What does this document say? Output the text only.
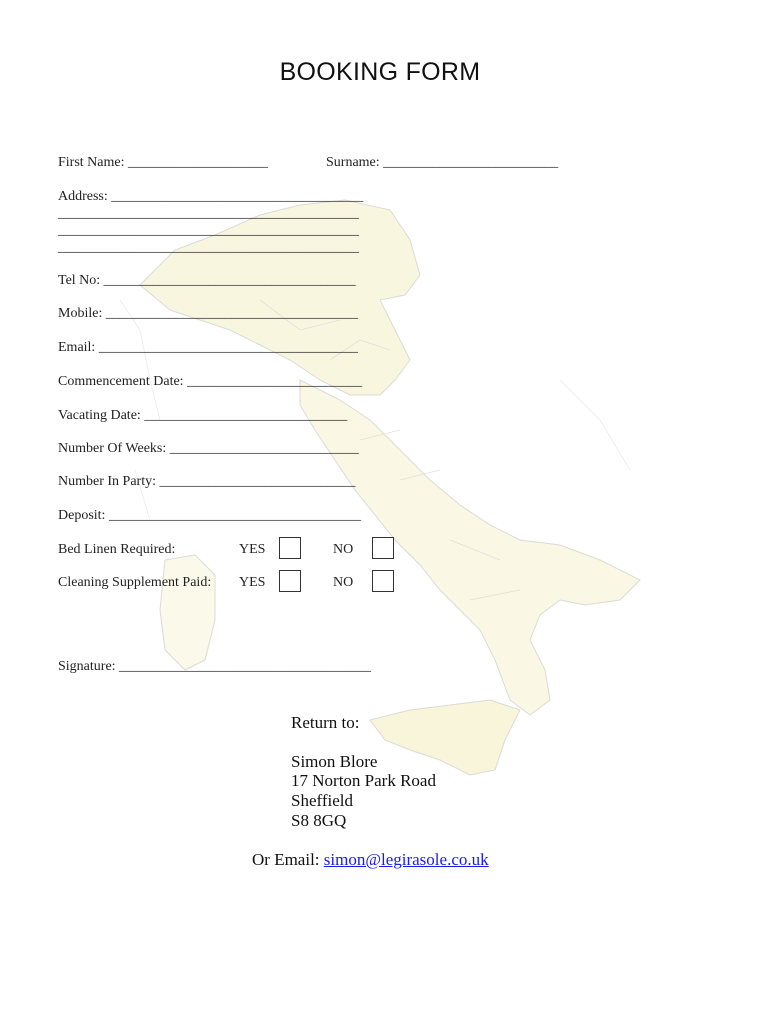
BOOKING FORM
First Name: ____________________	Surname: _________________________
Address: ____________________________________
___________________________________________
___________________________________________
___________________________________________
Tel No: ____________________________________
Mobile: ____________________________________
Email: _____________________________________
Commencement Date: _________________________
Vacating Date: _____________________________
Number Of Weeks: ___________________________
Number In Party: ____________________________
Deposit: ____________________________________
Bed Linen Required:	YES	NO
Cleaning Supplement Paid: YES	NO
Signature: ____________________________________
Return to:
Simon Blore
17 Norton Park Road
Sheffield
S8 8GQ
Or Email: simon@legirasole.co.uk
